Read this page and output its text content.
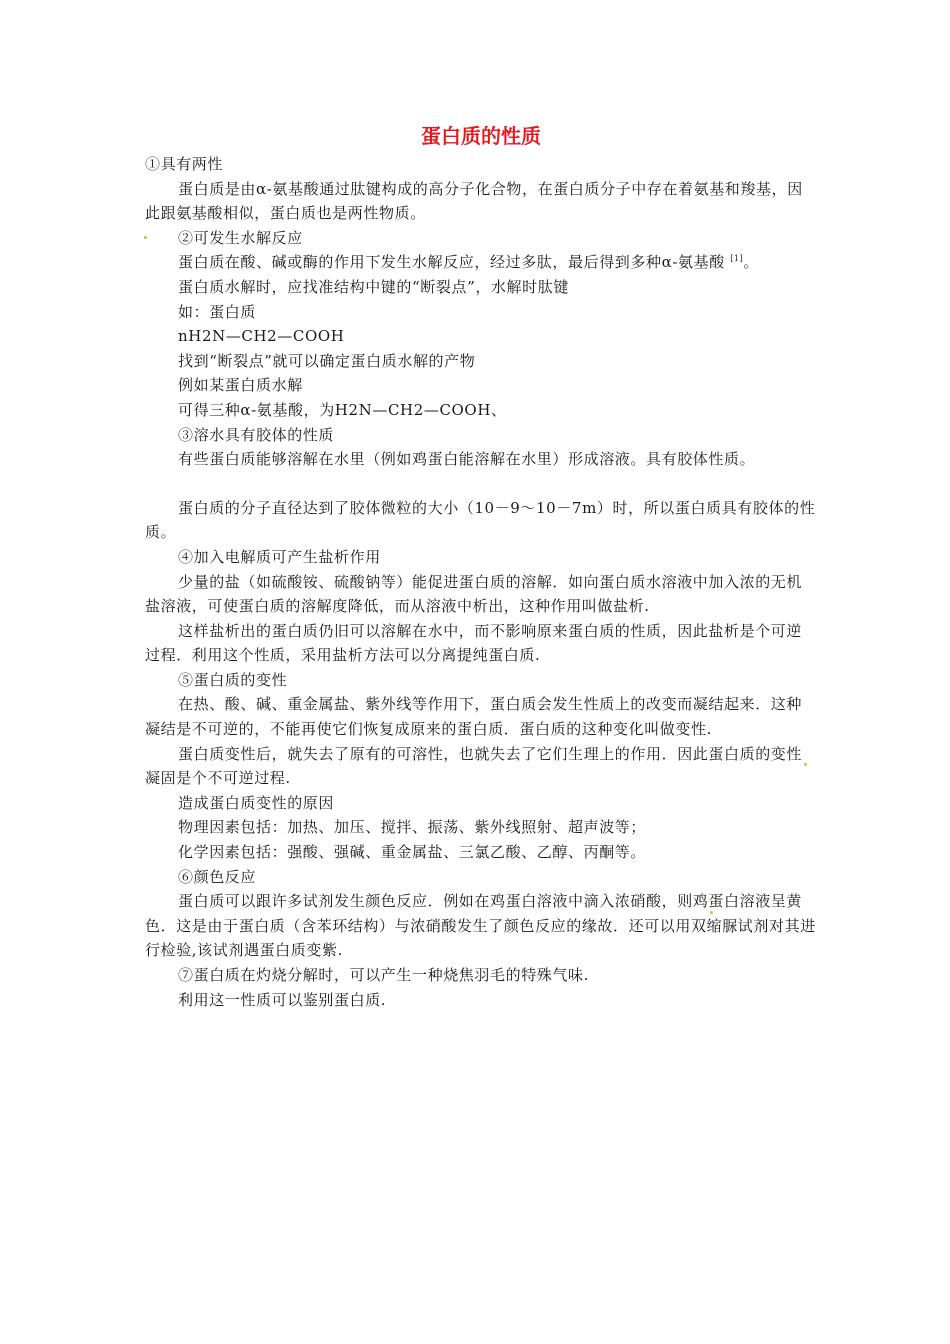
蛋白质的性质

①具有两性

蛋白质是由α-氨基酸通过肽键构成的高分子化合物，在蛋白质分子中存在着氨基和羧基，因此跟氨基酸相似，蛋白质也是两性物质。

②可发生水解反应

蛋白质在酸、碱或酶的作用下发生水解反应，经过多肽，最后得到多种α-氨基酸 [1]。

蛋白质水解时，应找准结构中键的“断裂点”，水解时肽键

如：蛋白质

nH2N—CH2—COOH

找到“断裂点”就可以确定蛋白质水解的产物

例如某蛋白质水解

可得三种α-氨基酸，为H2N—CH2—COOH、

③溶水具有胶体的性质

有些蛋白质能够溶解在水里（例如鸡蛋白能溶解在水里）形成溶液。具有胶体性质。

蛋白质的分子直径达到了胶体微粒的大小（10－9～10－7m）时，所以蛋白质具有胶体的性质。

④加入电解质可产生盐析作用

少量的盐（如硫酸铵、硫酸钠等）能促进蛋白质的溶解．如向蛋白质水溶液中加入浓的无机盐溶液，可使蛋白质的溶解度降低，而从溶液中析出，这种作用叫做盐析.

这样盐析出的蛋白质仍旧可以溶解在水中，而不影响原来蛋白质的性质，因此盐析是个可逆过程．利用这个性质，采用盐析方法可以分离提纯蛋白质.

⑤蛋白质的变性

在热、酸、碱、重金属盐、紫外线等作用下，蛋白质会发生性质上的改变而凝结起来．这种凝结是不可逆的，不能再使它们恢复成原来的蛋白质．蛋白质的这种变化叫做变性.

蛋白质变性后，就失去了原有的可溶性，也就失去了它们生理上的作用．因此蛋白质的变性凝固是个不可逆过程.

造成蛋白质变性的原因

物理因素包括：加热、加压、搅拌、振荡、紫外线照射、超声波等；

化学因素包括：强酸、强碱、重金属盐、三氯乙酸、乙醇、丙酮等。

⑥颜色反应

蛋白质可以跟许多试剂发生颜色反应．例如在鸡蛋白溶液中滴入浓硝酸，则鸡蛋白溶液呈黄色．这是由于蛋白质（含苯环结构）与浓硝酸发生了颜色反应的缘故．还可以用双缩脲试剂对其进行检验,该试剂遇蛋白质变紫.

⑦蛋白质在灼烧分解时，可以产生一种烧焦羽毛的特殊气味.

利用这一性质可以鉴别蛋白质.
